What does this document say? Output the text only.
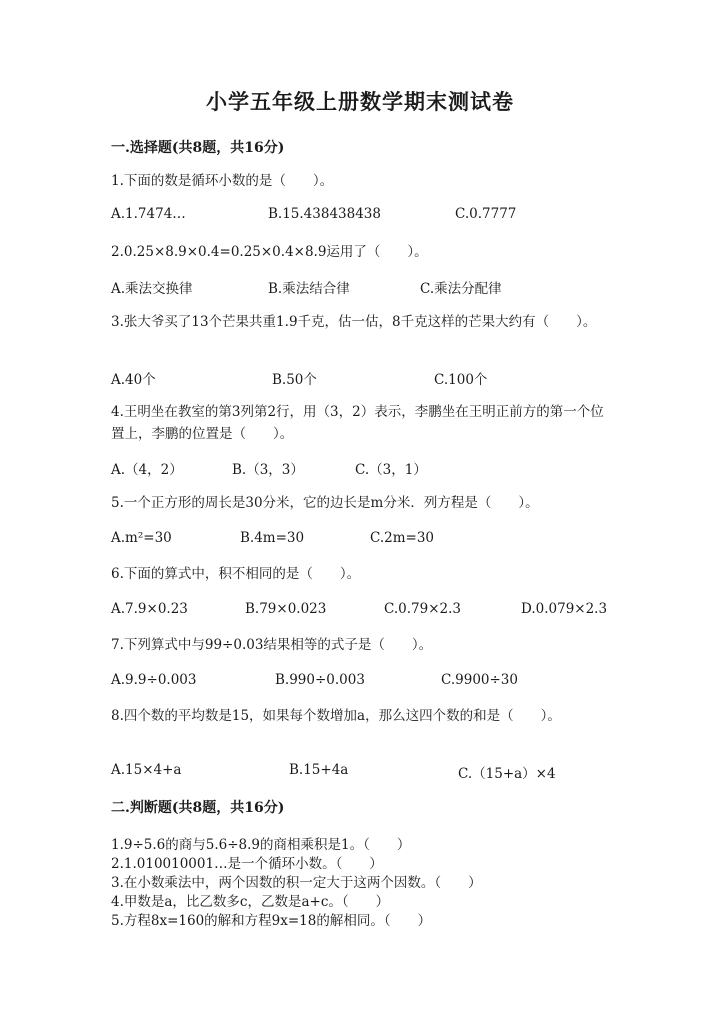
小学五年级上册数学期末测试卷
一.选择题(共8题，共16分)
1.下面的数是循环小数的是（　　）。
A.1.7474…	B.15.438438438	C.0.7777
2.0.25×8.9×0.4=0.25×0.4×8.9运用了（　　）。
A.乘法交换律	B.乘法结合律	C.乘法分配律
3.张大爷买了13个芒果共重1.9千克，估一估，8千克这样的芒果大约有（　　）。
A.40个	B.50个	C.100个
4.王明坐在教室的第3列第2行，用（3，2）表示，李鹏坐在王明正前方的第一个位置上，李鹏的位置是（　　）。
A.（4，2）	B.（3，3）	C.（3，1）
5.一个正方形的周长是30分米，它的边长是m分米．列方程是（　　）。
A.m²=30	B.4m=30	C.2m=30
6.下面的算式中，积不相同的是（　　）。
A.7.9×0.23	B.79×0.023	C.0.79×2.3	D.0.079×2.3
7.下列算式中与99÷0.03结果相等的式子是（　　）。
A.9.9÷0.003	B.990÷0.003	C.9900÷30
8.四个数的平均数是15，如果每个数增加a，那么这四个数的和是（　　）。
A.15×4+a	B.15+4a	C.（15+a）×4
二.判断题(共8题，共16分)
1.9÷5.6的商与5.6÷8.9的商相乘积是1。（　　）
2.1.010010001…是一个循环小数。（　　）
3.在小数乘法中，两个因数的积一定大于这两个因数。（　　）
4.甲数是a，比乙数多c，乙数是a+c。（　　）
5.方程8x=160的解和方程9x=18的解相同。（　　）
